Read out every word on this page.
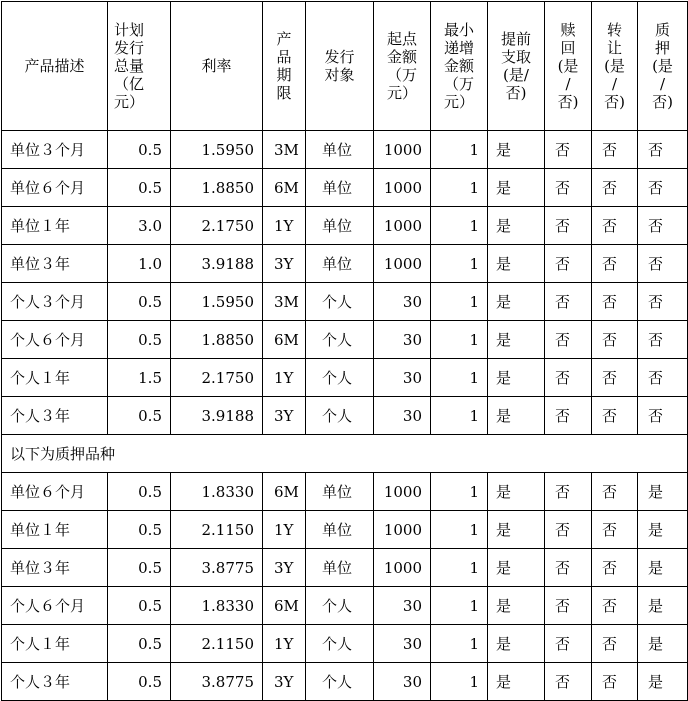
产品描述	计划
发行
总量
（亿
元）	利率	产
品
期
限	发行
对象	起点
金额
（万
元）	最小
递增
金额
（万
元）	提前
支取
(是/
否)	赎
回
(是
/
否)	转
让
(是
/
否)	质
押
(是
/
否)
单位３个月	0.5	1.5950	3M	单位	1000	1	是	否	否	否
单位６个月	0.5	1.8850	6M	单位	1000	1	是	否	否	否
单位１年	3.0	2.1750	1Y	单位	1000	1	是	否	否	否
单位３年	1.0	3.9188	3Y	单位	1000	1	是	否	否	否
个人３个月	0.5	1.5950	3M	个人	30	1	是	否	否	否
个人６个月	0.5	1.8850	6M	个人	30	1	是	否	否	否
个人１年	1.5	2.1750	1Y	个人	30	1	是	否	否	否
个人３年	0.5	3.9188	3Y	个人	30	1	是	否	否	否
以下为质押品种										
单位６个月	0.5	1.8330	6M	单位	1000	1	是	否	否	是
单位１年	0.5	2.1150	1Y	单位	1000	1	是	否	否	是
单位３年	0.5	3.8775	3Y	单位	1000	1	是	否	否	是
个人６个月	0.5	1.8330	6M	个人	30	1	是	否	否	是
个人１年	0.5	2.1150	1Y	个人	30	1	是	否	否	是
个人３年	0.5	3.8775	3Y	个人	30	1	是	否	否	是
